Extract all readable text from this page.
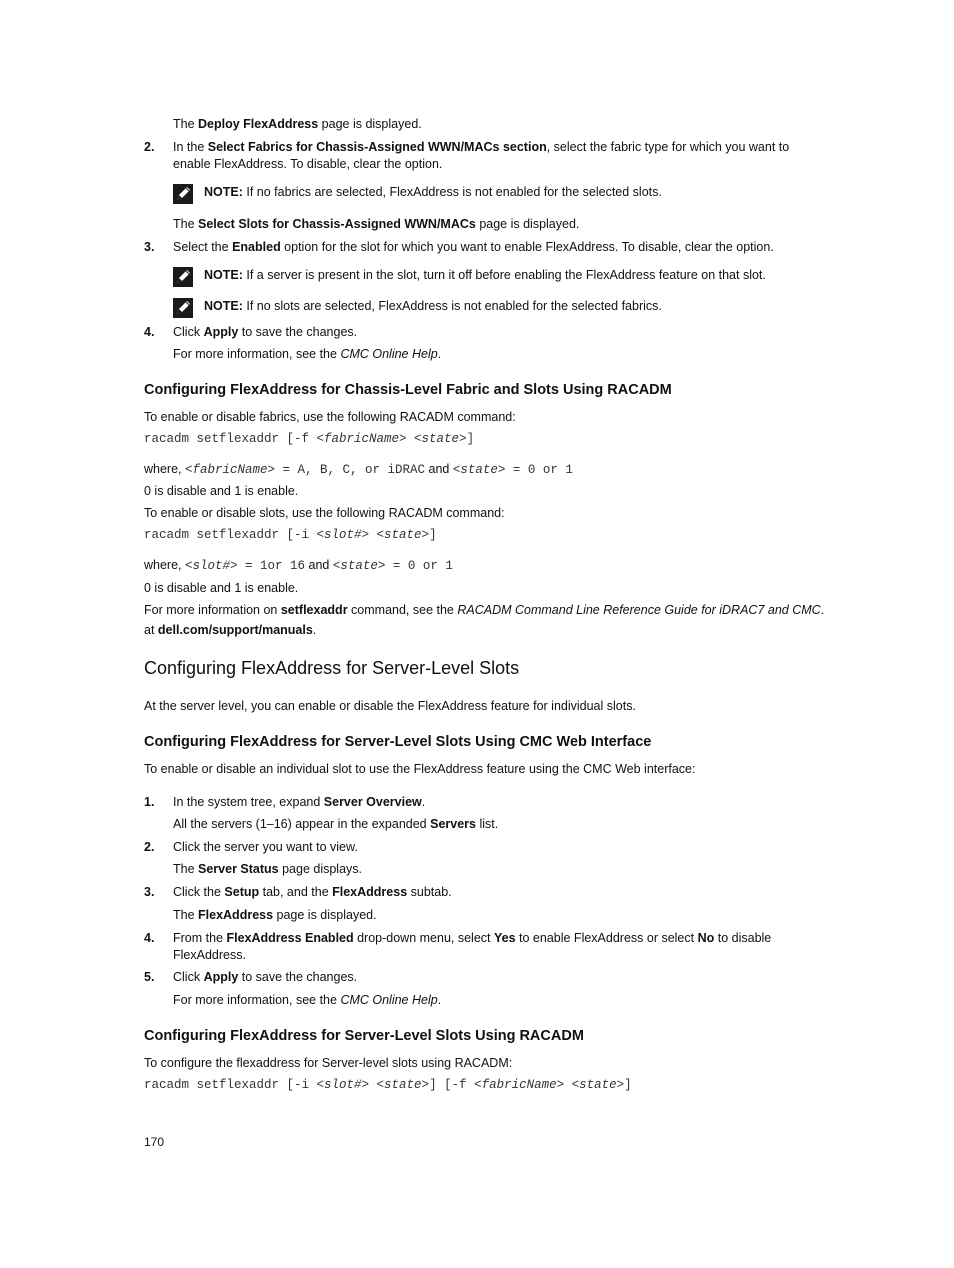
The Deploy FlexAddress page is displayed.
2. In the Select Fabrics for Chassis-Assigned WWN/MACs section, select the fabric type for which you want to
enable FlexAddress. To disable, clear the option.
NOTE: If no fabrics are selected, FlexAddress is not enabled for the selected slots.
The Select Slots for Chassis-Assigned WWN/MACs page is displayed.
3. Select the Enabled option for the slot for which you want to enable FlexAddress. To disable, clear the option.
NOTE: If a server is present in the slot, turn it off before enabling the FlexAddress feature on that slot.
NOTE: If no slots are selected, FlexAddress is not enabled for the selected fabrics.
4. Click Apply to save the changes.
For more information, see the CMC Online Help.
Configuring FlexAddress for Chassis-Level Fabric and Slots Using RACADM
To enable or disable fabrics, use the following RACADM command:
racadm setflexaddr [-f <fabricName> <state>]
where, <fabricName> = A, B, C, or iDRAC and <state> = 0 or 1
0 is disable and 1 is enable.
To enable or disable slots, use the following RACADM command:
racadm setflexaddr [-i <slot#> <state>]
where, <slot#> = 1or 16 and <state> = 0 or 1
0 is disable and 1 is enable.
For more information on setflexaddr command, see the RACADM Command Line Reference Guide for iDRAC7 and CMC.
at dell.com/support/manuals.
Configuring FlexAddress for Server-Level Slots
At the server level, you can enable or disable the FlexAddress feature for individual slots.
Configuring FlexAddress for Server-Level Slots Using CMC Web Interface
To enable or disable an individual slot to use the FlexAddress feature using the CMC Web interface:
1. In the system tree, expand Server Overview.
All the servers (1–16) appear in the expanded Servers list.
2. Click the server you want to view.
The Server Status page displays.
3. Click the Setup tab, and the FlexAddress subtab.
The FlexAddress page is displayed.
4. From the FlexAddress Enabled drop-down menu, select Yes to enable FlexAddress or select No to disable
FlexAddress.
5. Click Apply to save the changes.
For more information, see the CMC Online Help.
Configuring FlexAddress for Server-Level Slots Using RACADM
To configure the flexaddress for Server-level slots using RACADM:
racadm setflexaddr [-i <slot#> <state>] [-f <fabricName> <state>]
170
